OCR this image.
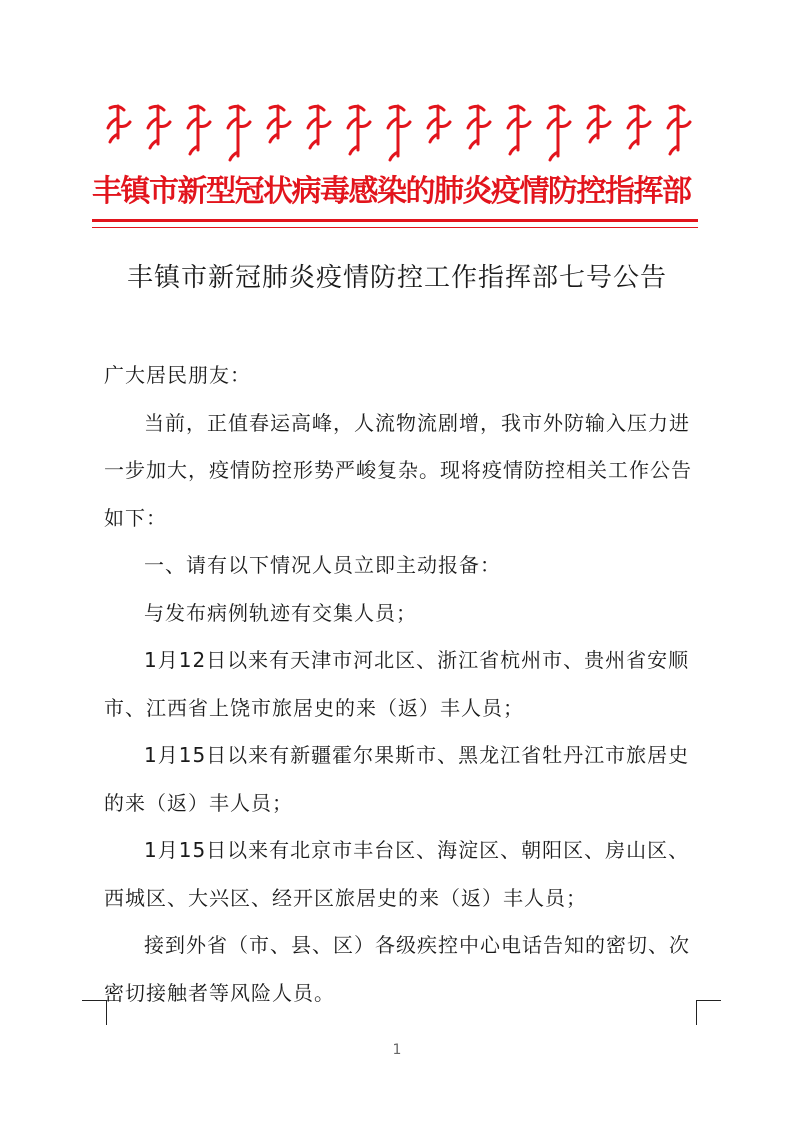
丰镇市新型冠状病毒感染的肺炎疫情防控指挥部
丰镇市新冠肺炎疫情防控工作指挥部七号公告

广大居民朋友：

当前，正值春运高峰，人流物流剧增，我市外防输入压力进一步加大，疫情防控形势严峻复杂。现将疫情防控相关工作公告如下：

一、请有以下情况人员立即主动报备：

与发布病例轨迹有交集人员；

1月12日以来有天津市河北区、浙江省杭州市、贵州省安顺市、江西省上饶市旅居史的来（返）丰人员；

1月15日以来有新疆霍尔果斯市、黑龙江省牡丹江市旅居史的来（返）丰人员；

1月15日以来有北京市丰台区、海淀区、朝阳区、房山区、西城区、大兴区、经开区旅居史的来（返）丰人员；

接到外省（市、县、区）各级疾控中心电话告知的密切、次密切接触者等风险人员。

1
